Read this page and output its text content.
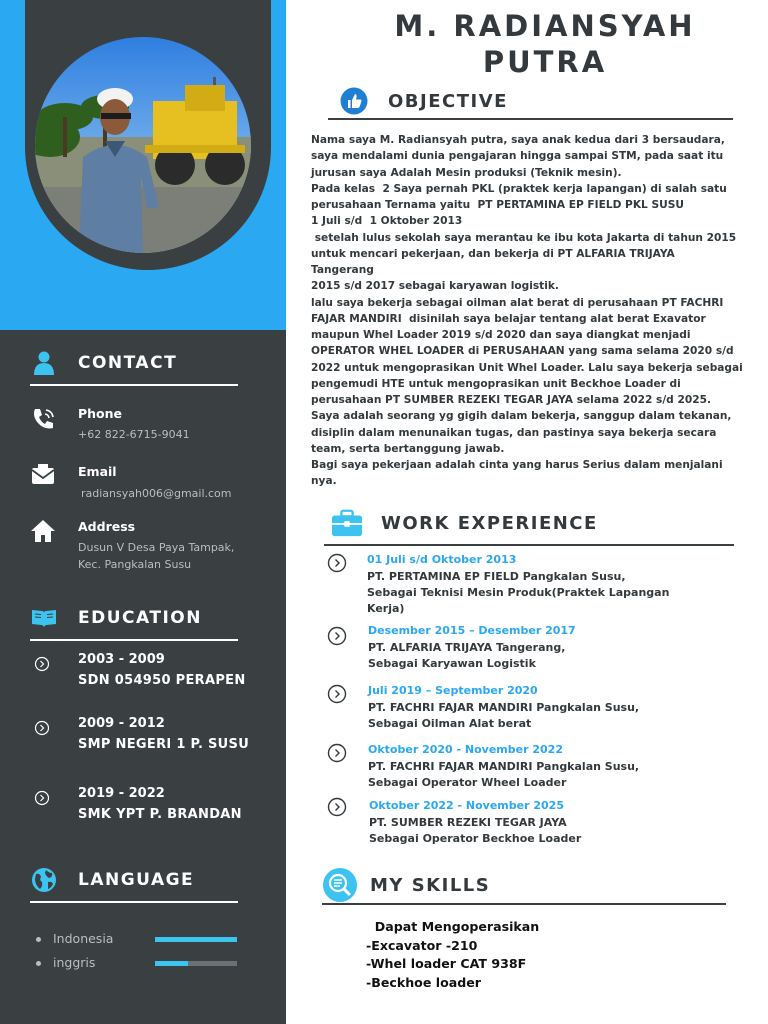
CONTACT
Phone
+62 822-6715-9041
Email
radiansyah006@gmail.com
Address
Dusun V Desa Paya Tampak,
Kec. Pangkalan Susu
EDUCATION
2003 - 2009
SDN 054950 PERAPEN
2009 - 2012
SMP NEGERI 1 P. SUSU
2019 - 2022
SMK YPT P. BRANDAN
LANGUAGE
Indonesia
inggris
M. RADIANSYAH
PUTRA
OBJECTIVE
Nama saya M. Radiansyah putra, saya anak kedua dari 3 bersaudara,
saya mendalami dunia pengajaran hingga sampai STM, pada saat itu
jurusan saya Adalah Mesin produksi (Teknik mesin).
Pada kelas  2 Saya pernah PKL (praktek kerja lapangan) di salah satu
perusahaan Ternama yaitu  PT PERTAMINA EP FIELD PKL SUSU
1 Juli s/d  1 Oktober 2013
setelah lulus sekolah saya merantau ke ibu kota Jakarta di tahun 2015
untuk mencari pekerjaan, dan bekerja di PT ALFARIA TRIJAYA
Tangerang
2015 s/d 2017 sebagai karyawan logistik.
lalu saya bekerja sebagai oilman alat berat di perusahaan PT FACHRI
FAJAR MANDIRI  disinilah saya belajar tentang alat berat Exavator
maupun Whel Loader 2019 s/d 2020 dan saya diangkat menjadi
OPERATOR WHEL LOADER di PERUSAHAAN yang sama selama 2020 s/d
2022 untuk mengoprasikan Unit Whel Loader. Lalu saya bekerja sebagai
pengemudi HTE untuk mengoprasikan unit Beckhoe Loader di
perusahaan PT SUMBER REZEKI TEGAR JAYA selama 2022 s/d 2025.
Saya adalah seorang yg gigih dalam bekerja, sanggup dalam tekanan,
disiplin dalam menunaikan tugas, dan pastinya saya bekerja secara
team, serta bertanggung jawab.
Bagi saya pekerjaan adalah cinta yang harus Serius dalam menjalani
nya.
WORK EXPERIENCE
01 Juli s/d Oktober 2013
PT. PERTAMINA EP FIELD Pangkalan Susu,
Sebagai Teknisi Mesin Produk(Praktek Lapangan
Kerja)
Desember 2015 – Desember 2017
PT. ALFARIA TRIJAYA Tangerang,
Sebagai Karyawan Logistik
Juli 2019 – September 2020
PT. FACHRI FAJAR MANDIRI Pangkalan Susu,
Sebagai Oilman Alat berat
Oktober 2020 - November 2022
PT. FACHRI FAJAR MANDIRI Pangkalan Susu,
Sebagai Operator Wheel Loader
Oktober 2022 - November 2025
PT. SUMBER REZEKI TEGAR JAYA
Sebagai Operator Beckhoe Loader
MY SKILLS
Dapat Mengoperasikan
-Excavator -210
-Whel loader CAT 938F
-Beckhoe loader
